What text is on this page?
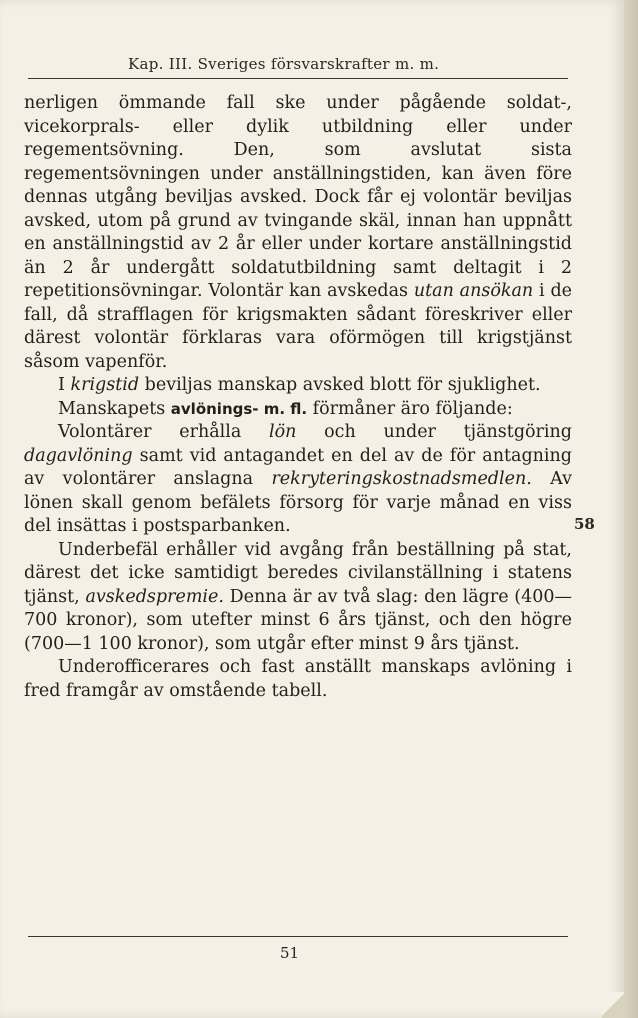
Kap. III. Sveriges försvarskrafter m. m.

nerligen ömmande fall ske under pågående soldat-, vicekorprals- eller dylik utbildning eller under regementsövning. Den, som avslutat sista regementsövningen under anställningstiden, kan även före dennas utgång beviljas avsked. Dock får ej volontär beviljas avsked, utom på grund av tvingande skäl, innan han uppnått en anställningstid av 2 år eller under kortare anställningstid än 2 år undergått soldatutbildning samt deltagit i 2 repetitionsövningar. Volontär kan avskedas utan ansökan i de fall, då strafflagen för krigsmakten sådant föreskriver eller därest volontär förklaras vara oförmögen till krigstjänst såsom vapenför.

I krigstid beviljas manskap avsked blott för sjuklighet.

Manskapets avlönings- m. fl. förmåner äro följande:

Volontärer erhålla lön och under tjänstgöring dagavlöning samt vid antagandet en del av de för antagning av volontärer anslagna rekryteringskostnadsmedlen. Av lönen skall genom befälets försorg för varje månad en viss del insättas i postsparbanken.

Underbefäl erhåller vid avgång från beställning på stat, därest det icke samtidigt beredes civilanställning i statens tjänst, avskedspremie. Denna är av två slag: den lägre (400—700 kronor), som utefter minst 6 års tjänst, och den högre (700—1 100 kronor), som utgår efter minst 9 års tjänst.

Underofficerares och fast anställt manskaps avlöning i fred framgår av omstående tabell.

58
51
